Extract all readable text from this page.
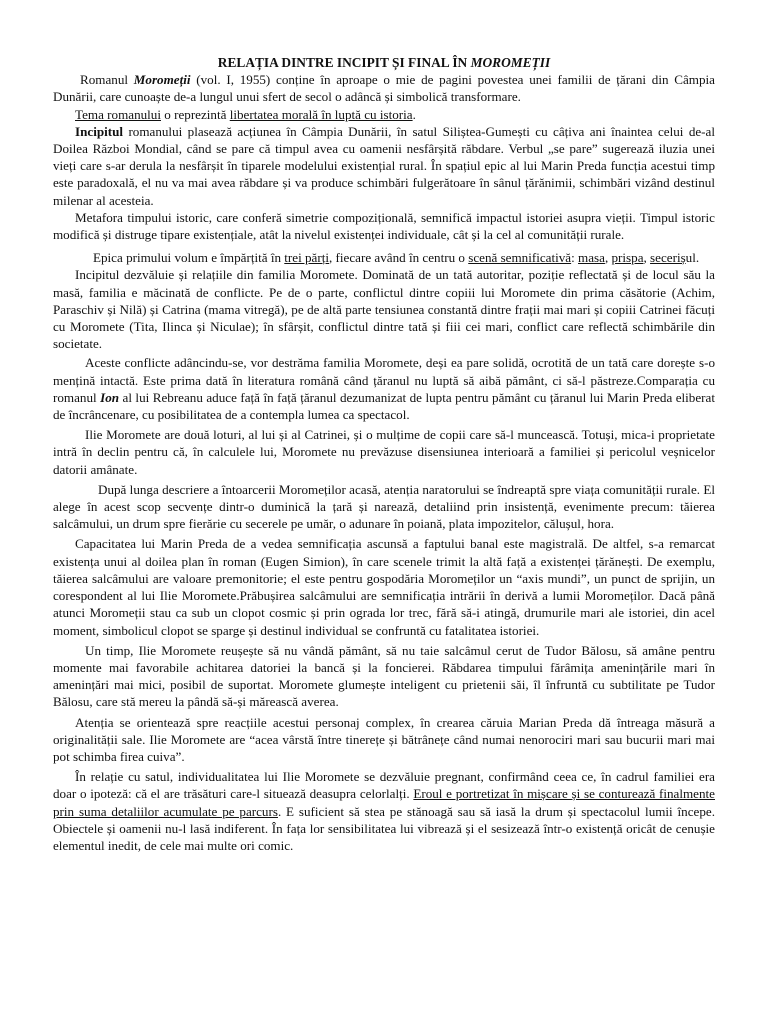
RELAȚIA DINTRE INCIPIT ȘI FINAL ÎN MOROMEȚII

Romanul Moromeții (vol. I, 1955) conține în aproape o mie de pagini povestea unei familii de țărani din Câmpia Dunării, care cunoaște de-a lungul unui sfert de secol o adâncă și simbolică transformare.

Tema romanului o reprezintă libertatea morală în luptă cu istoria.

Incipitul romanului plasează acțiunea în Câmpia Dunării, în satul Siliștea-Gumești cu câțiva ani înaintea celui de-al Doilea Război Mondial, când se pare că timpul avea cu oamenii nesfârșită răbdare. Verbul „se pare” sugerează iluzia unei vieți care s-ar derula la nesfârșit în tiparele modelului existențial rural. În spațiul epic al lui Marin Preda funcția acestui timp este paradoxală, el nu va mai avea răbdare și va produce schimbări fulgerătoare în sânul țărănimii, schimbări vizând destinul milenar al acesteia.

Metafora timpului istoric, care conferă simetrie compozițională, semnifică impactul istoriei asupra vieții. Timpul istoric modifică și distruge tipare existențiale, atât la nivelul existenței individuale, cât și la cel al comunității rurale.

Epica primului volum e împărțită în trei părți, fiecare având în centru o scenă semnificativă: masa, prispa, secerișul.

Incipitul dezvăluie și relațiile din familia Moromete. Dominată de un tată autoritar, poziție reflectată și de locul său la masă, familia e măcinată de conflicte. Pe de o parte, conflictul dintre copiii lui Moromete din prima căsătorie (Achim, Paraschiv și Nilă) și Catrina (mama vitregă), pe de altă parte tensiunea constantă dintre frații mai mari și copiii Catrinei făcuți cu Moromete (Tita, Ilinca și Niculae); în sfârșit, conflictul dintre tată și fiii cei mari, conflict care reflectă schimbările din societate.

Aceste conflicte adâncindu-se, vor destrăma familia Moromete, deși ea pare solidă, ocrotită de un tată care dorește s-o mențină intactă. Este prima dată în literatura română când țăranul nu luptă să aibă pământ, ci să-l păstreze.Comparația cu romanul Ion al lui Rebreanu aduce față în față țăranul dezumanizat de lupta pentru pământ cu țăranul lui Marin Preda eliberat de încrâncenare, cu posibilitatea de a contempla lumea ca spectacol.

Ilie Moromete are două loturi, al lui și al Catrinei, și o mulțime de copii care să-l muncească. Totuși, mica-i proprietate intră în declin pentru că, în calculele lui, Moromete nu prevăzuse disensiunea interioară a familiei și pericolul veșnicelor datorii amânate.

După lunga descriere a întoarcerii Moromeților acasă, atenția naratorului se îndreaptă spre viața comunității rurale. El alege în acest scop secvențe dintr-o duminică la țară și narează, detaliind prin insistență, evenimente precum: tăierea salcâmului, un drum spre fierărie cu secerele pe umăr, o adunare în poiană, plata impozitelor, călușul, hora.

Capacitatea lui Marin Preda de a vedea semnificația ascunsă a faptului banal este magistrală. De altfel, s-a remarcat existența unui al doilea plan în roman (Eugen Simion), în care scenele trimit la altă față a existenței țărănești. De exemplu, tăierea salcâmului are valoare premonitorie; el este pentru gospodăria Moromeților un “axis mundi”, un punct de sprijin, un corespondent al lui Ilie Moromete.Prăbușirea salcâmului are semnificația intrării în derivă a lumii Moromeților. Dacă până atunci Moromeții stau ca sub un clopot cosmic și prin ograda lor trec, fără să-i atingă, drumurile mari ale istoriei, din acel moment, simbolicul clopot se sparge și destinul individual se confruntă cu fatalitatea istoriei.

Un timp, Ilie Moromete reușește să nu vândă pământ, să nu taie salcâmul cerut de Tudor Bălosu, să amâne pentru momente mai favorabile achitarea datoriei la bancă și la foncierei. Răbdarea timpului fărâmița amenințările mari în amenințări mai mici, posibil de suportat. Moromete glumește inteligent cu prietenii săi, îl înfruntă cu subtilitate pe Tudor Bălosu, care stă mereu la pândă să-și mărească averea.

Atenția se orientează spre reacțiile acestui personaj complex, în crearea căruia Marian Preda dă întreaga măsură a originalității sale. Ilie Moromete are “acea vârstă între tinerețe și bătrânețe când numai nenorociri mari sau bucurii mari mai pot schimba firea cuiva”.

În relație cu satul, individualitatea lui Ilie Moromete se dezvăluie pregnant, confirmând ceea ce, în cadrul familiei era doar o ipoteză: că el are trăsături care-l situează deasupra celorlalți. Eroul e portretizat în mișcare și se conturează finalmente prin suma detaliilor acumulate pe parcurs. E suficient să stea pe stănoagă sau să iasă la drum și spectacolul lumii începe. Obiectele și oamenii nu-l lasă indiferent. În fața lor sensibilitatea lui vibrează și el sesizează într-o existență oricât de cenușie elementul inedit, de cele mai multe ori comic.
